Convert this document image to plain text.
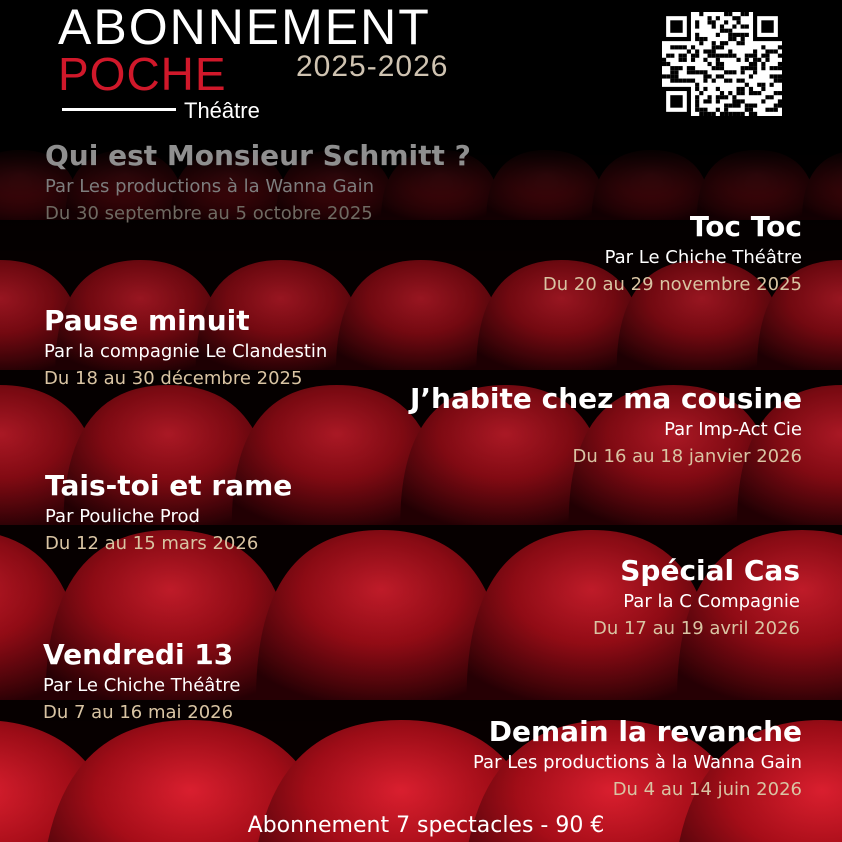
ABONNEMENT
POCHE
Théâtre
2025-2026
Qui est Monsieur Schmitt ?
Par Les productions à la Wanna Gain
Du 30 septembre au 5 octobre 2025	Toc Toc
Par Le Chiche Théâtre
Du 20 au 29 novembre 2025
Pause minuit
Par la compagnie Le Clandestin
Du 18 au 30 décembre 2025
J’habite chez ma cousine
Par Imp-Act Cie
Du 16 au 18 janvier 2026
Tais-toi et rame
Par Pouliche Prod
Du 12 au 15 mars 2026
Spécial Cas
Par la C Compagnie
Du 17 au 19 avril 2026
Vendredi 13
Par Le Chiche Théâtre
Du 7 au 16 mai 2026
Demain la revanche
Par Les productions à la Wanna Gain
Du 4 au 14 juin 2026
Abonnement 7 spectacles - 90 €
